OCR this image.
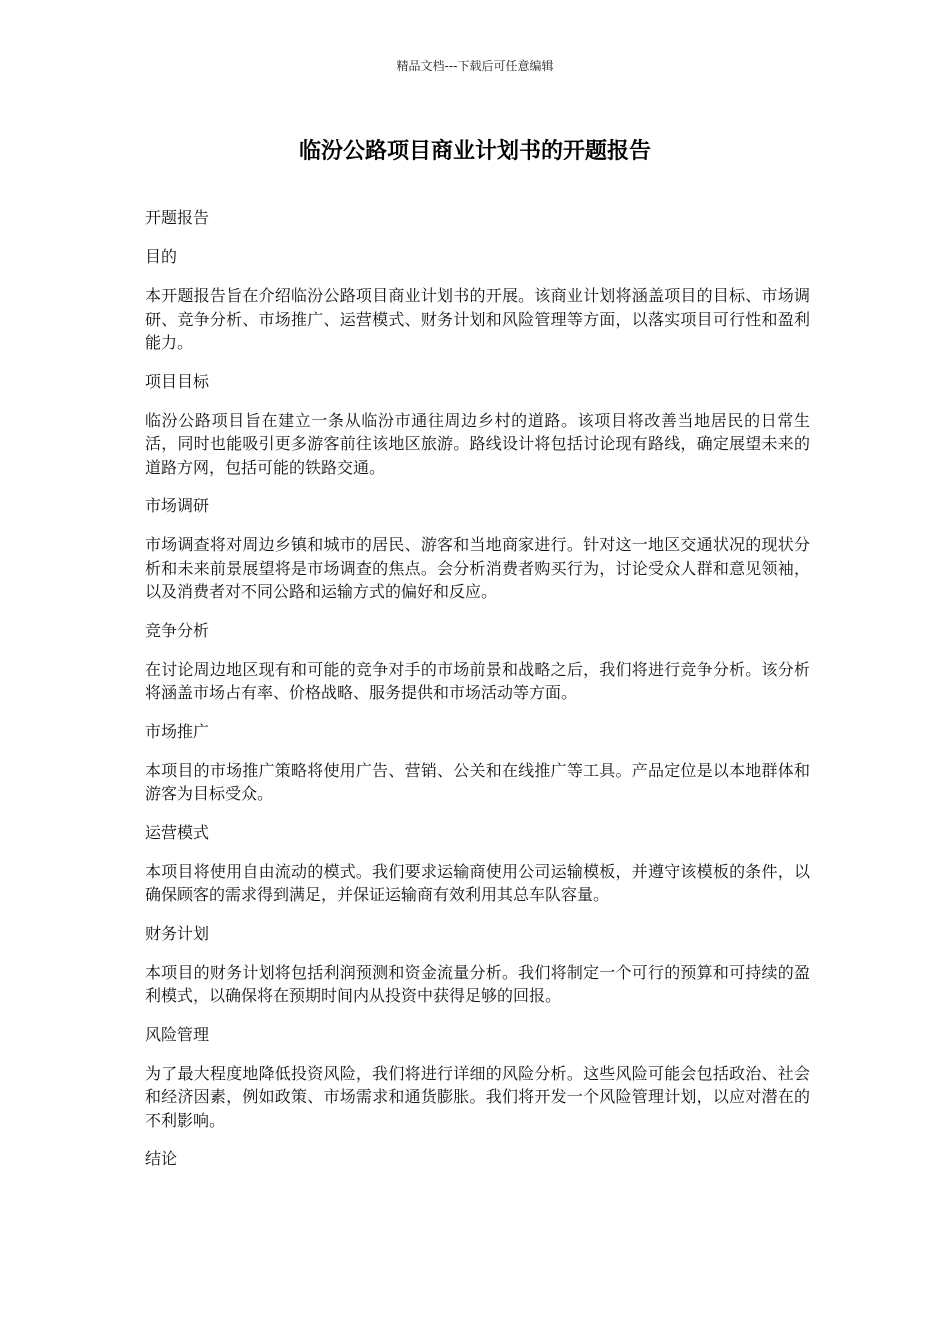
精品文档---下载后可任意编辑
临汾公路项目商业计划书的开题报告
开题报告
目的

本开题报告旨在介绍临汾公路项目商业计划书的开展。该商业计划将涵盖项目的目标、市场调研、竞争分析、市场推广、运营模式、财务计划和风险管理等方面，以落实项目可行性和盈利能力。

项目目标

临汾公路项目旨在建立一条从临汾市通往周边乡村的道路。该项目将改善当地居民的日常生活，同时也能吸引更多游客前往该地区旅游。路线设计将包括讨论现有路线，确定展望未来的道路方网，包括可能的铁路交通。

市场调研

市场调查将对周边乡镇和城市的居民、游客和当地商家进行。针对这一地区交通状况的现状分析和未来前景展望将是市场调查的焦点。会分析消费者购买行为，讨论受众人群和意见领袖，以及消费者对不同公路和运输方式的偏好和反应。

竞争分析

在讨论周边地区现有和可能的竞争对手的市场前景和战略之后，我们将进行竞争分析。该分析将涵盖市场占有率、价格战略、服务提供和市场活动等方面。

市场推广

本项目的市场推广策略将使用广告、营销、公关和在线推广等工具。产品定位是以本地群体和游客为目标受众。

运营模式

本项目将使用自由流动的模式。我们要求运输商使用公司运输模板，并遵守该模板的条件，以确保顾客的需求得到满足，并保证运输商有效利用其总车队容量。

财务计划

本项目的财务计划将包括利润预测和资金流量分析。我们将制定一个可行的预算和可持续的盈利模式，以确保将在预期时间内从投资中获得足够的回报。

风险管理

为了最大程度地降低投资风险，我们将进行详细的风险分析。这些风险可能会包括政治、社会和经济因素，例如政策、市场需求和通货膨胀。我们将开发一个风险管理计划，以应对潜在的不利影响。

结论
